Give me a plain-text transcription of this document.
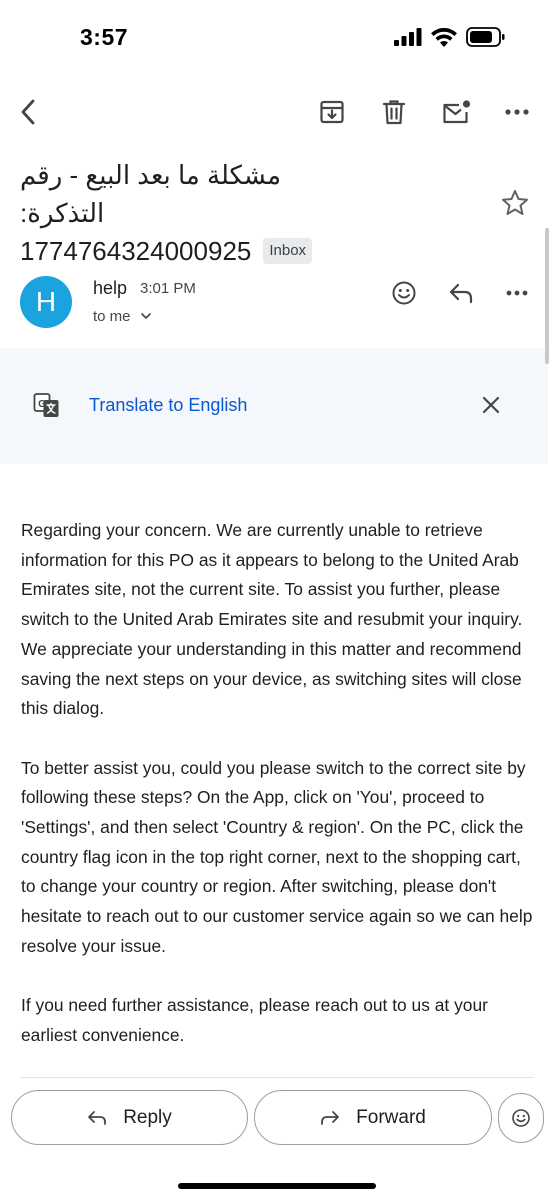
3:57
مشكلة ما بعد البيع - رقم التذكرة:
1774764324000925	Inbox
H help 3:01 PM
to me
G Translate to English

Regarding your concern. We are currently unable to retrieve information for this PO as it appears to belong to the United Arab Emirates site, not the current site. To assist you further, please switch to the United Arab Emirates site and resubmit your inquiry. We appreciate your understanding in this matter and recommend saving the next steps on your device, as switching sites will close this dialog.

To better assist you, could you please switch to the correct site by following these steps? On the App, click on 'You', proceed to 'Settings', and then select 'Country & region'. On the PC, click the country flag icon in the top right corner, next to the shopping cart, to change your country or region. After switching, please don't hesitate to reach out to our customer service again so we can help resolve your issue.

If you need further assistance, please reach out to us at your earliest convenience.

Reply	Forward
